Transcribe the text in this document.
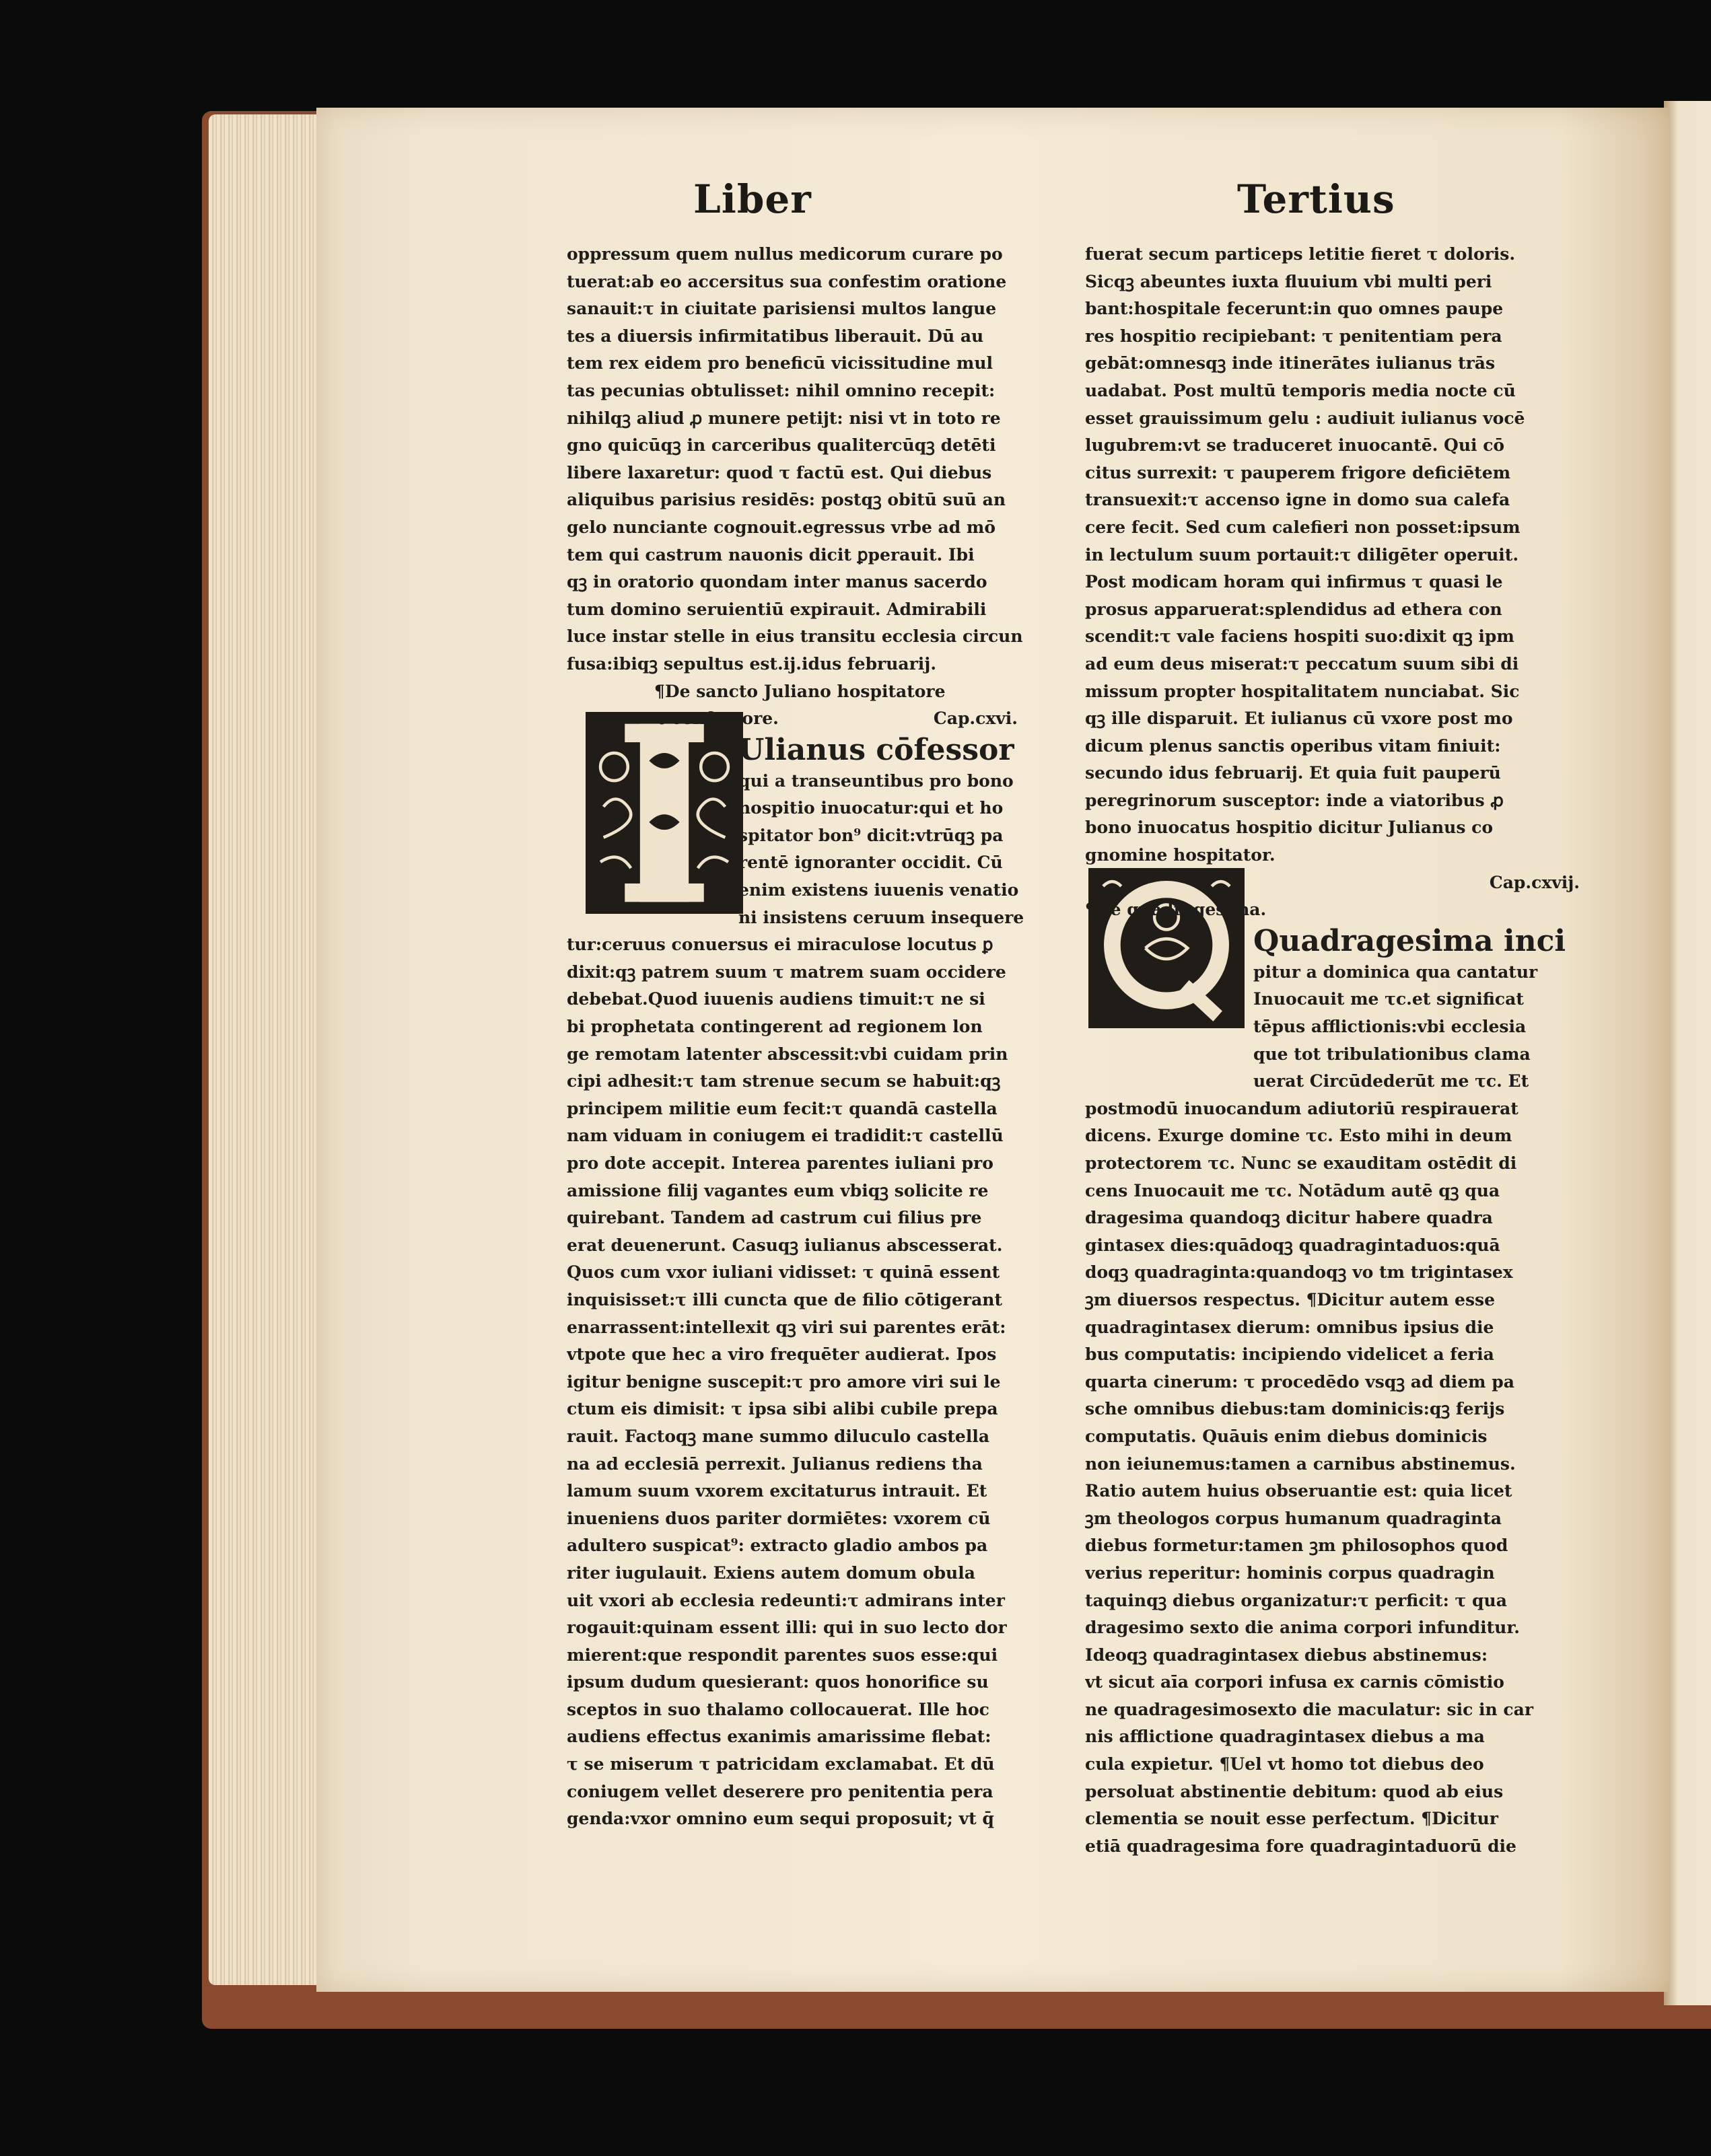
Liber	Tertius
oppressum quem nullus medicorum curare po
tuerat:ab eo accersitus sua confestim oratione
sanauit:τ in ciuitate parisiensi multos langue
tes a diuersis infirmitatibus liberauit. Dū au
tem rex eidem pro beneficū vicissitudine mul
tas pecunias obtulisset: nihil omnino recepit:
nihilqꝫ aliud ꝓ munere petijt: nisi vt in toto re
gno quicūqꝫ in carceribus qualitercūqꝫ detēti
libere laxaretur: quod τ factū est. Qui diebus
aliquibus parisius residēs: postqꝫ obitū suū an
gelo nunciante cognouit.egressus vrbe ad mō
tem qui castrum nauonis dicit ꝑperauit. Ibi
qꝫ in oratorio quondam inter manus sacerdo
tum domino seruientiū expirauit. Admirabili
luce instar stelle in eius transitu ecclesia circun
fusa:ibiqꝫ sepultus est.ij.idus februarij.
¶De sancto Juliano hospitatore
τ confessore.	Cap.cxvi.
Ulianus cōfessor
qui a transeuntibus pro bono
hospitio inuocatur:qui et ho
spitator bon⁹ dicit:vtrūqꝫ pa
rentē ignoranter occidit. Cū
enim existens iuuenis venatio
ni insistens ceruum insequere
tur:ceruus conuersus ei miraculose locutus ꝑ
dixit:qꝫ patrem suum τ matrem suam occidere
debebat.Quod iuuenis audiens timuit:τ ne si
bi prophetata contingerent ad regionem lon
ge remotam latenter abscessit:vbi cuidam prin
cipi adhesit:τ tam strenue secum se habuit:qꝫ
principem militie eum fecit:τ quandā castella
nam viduam in coniugem ei tradidit:τ castellū
pro dote accepit. Interea parentes iuliani pro
amissione filij vagantes eum vbiqꝫ solicite re
quirebant. Tandem ad castrum cui filius pre
erat deuenerunt. Casuqꝫ iulianus abscesserat.
Quos cum vxor iuliani vidisset: τ quinā essent
inquisisset:τ illi cuncta que de filio cōtigerant
enarrassent:intellexit qꝫ viri sui parentes erāt:
vtpote que hec a viro frequēter audierat. Ipos
igitur benigne suscepit:τ pro amore viri sui le
ctum eis dimisit: τ ipsa sibi alibi cubile prepa
rauit. Factoqꝫ mane summo diluculo castella
na ad ecclesiā perrexit. Julianus rediens tha
lamum suum vxorem excitaturus intrauit. Et
inueniens duos pariter dormiētes: vxorem cū
adultero suspicat⁹: extracto gladio ambos pa
riter iugulauit. Exiens autem domum obula
uit vxori ab ecclesia redeunti:τ admirans inter
rogauit:quinam essent illi: qui in suo lecto dor
mierent:que respondit parentes suos esse:qui
ipsum dudum quesierant: quos honorifice su
sceptos in suo thalamo collocauerat. Ille hoc
audiens effectus exanimis amarissime flebat:
τ se miserum τ patricidam exclamabat. Et dū
coniugem vellet deserere pro penitentia pera
genda:vxor omnino eum sequi proposuit; vt q̄
fuerat secum particeps letitie fieret τ doloris.
Sicqꝫ abeuntes iuxta fluuium vbi multi peri
bant:hospitale fecerunt:in quo omnes paupe
res hospitio recipiebant: τ penitentiam pera
gebāt:omnesqꝫ inde itinerātes iulianus trās
uadabat. Post multū temporis media nocte cū
esset grauissimum gelu : audiuit iulianus vocē
lugubrem:vt se traduceret inuocantē. Qui cō
citus surrexit: τ pauperem frigore deficiētem
transuexit:τ accenso igne in domo sua calefa
cere fecit. Sed cum calefieri non posset:ipsum
in lectulum suum portauit:τ diligēter operuit.
Post modicam horam qui infirmus τ quasi le
prosus apparuerat:splendidus ad ethera con
scendit:τ vale faciens hospiti suo:dixit qꝫ ipm
ad eum deus miserat:τ peccatum suum sibi di
missum propter hospitalitatem nunciabat. Sic
qꝫ ille disparuit. Et iulianus cū vxore post mo
dicum plenus sanctis operibus vitam finiuit:
secundo idus februarij. Et quia fuit pauperū
peregrinorum susceptor: inde a viatoribus ꝓ
bono inuocatus hospitio dicitur Julianus co
gnomine hospitator.
Cap.cxvij.
¶De quadragesima.
Quadragesima inci
pitur a dominica qua cantatur
Inuocauit me τc.et significat
tēpus afflictionis:vbi ecclesia
que tot tribulationibus clama
uerat Circūdederūt me τc. Et
postmodū inuocandum adiutoriū respirauerat
dicens. Exurge domine τc. Esto mihi in deum
protectorem τc. Nunc se exauditam ostēdit di
cens Inuocauit me τc. Notādum autē qꝫ qua
dragesima quandoqꝫ dicitur habere quadra
gintasex dies:quādoqꝫ quadragintaduos:quā
doqꝫ quadraginta:quandoqꝫ vo tm trigintasex
ꝫm diuersos respectus. ¶Dicitur autem esse
quadragintasex dierum: omnibus ipsius die
bus computatis: incipiendo videlicet a feria
quarta cinerum: τ procedēdo vsqꝫ ad diem pa
sche omnibus diebus:tam dominicis:qꝫ ferijs
computatis. Quāuis enim diebus dominicis
non ieiunemus:tamen a carnibus abstinemus.
Ratio autem huius obseruantie est: quia licet
ꝫm theologos corpus humanum quadraginta
diebus formetur:tamen ꝫm philosophos quod
verius reperitur: hominis corpus quadragin
taquinqꝫ diebus organizatur:τ perficit: τ qua
dragesimo sexto die anima corpori infunditur.
Ideoqꝫ quadragintasex diebus abstinemus:
vt sicut aīa corpori infusa ex carnis cōmistio
ne quadragesimosexto die maculatur: sic in car
nis afflictione quadragintasex diebus a ma
cula expietur. ¶Uel vt homo tot diebus deo
persoluat abstinentie debitum: quod ab eius
clementia se nouit esse perfectum. ¶Dicitur
etiā quadragesima fore quadragintaduorū die
